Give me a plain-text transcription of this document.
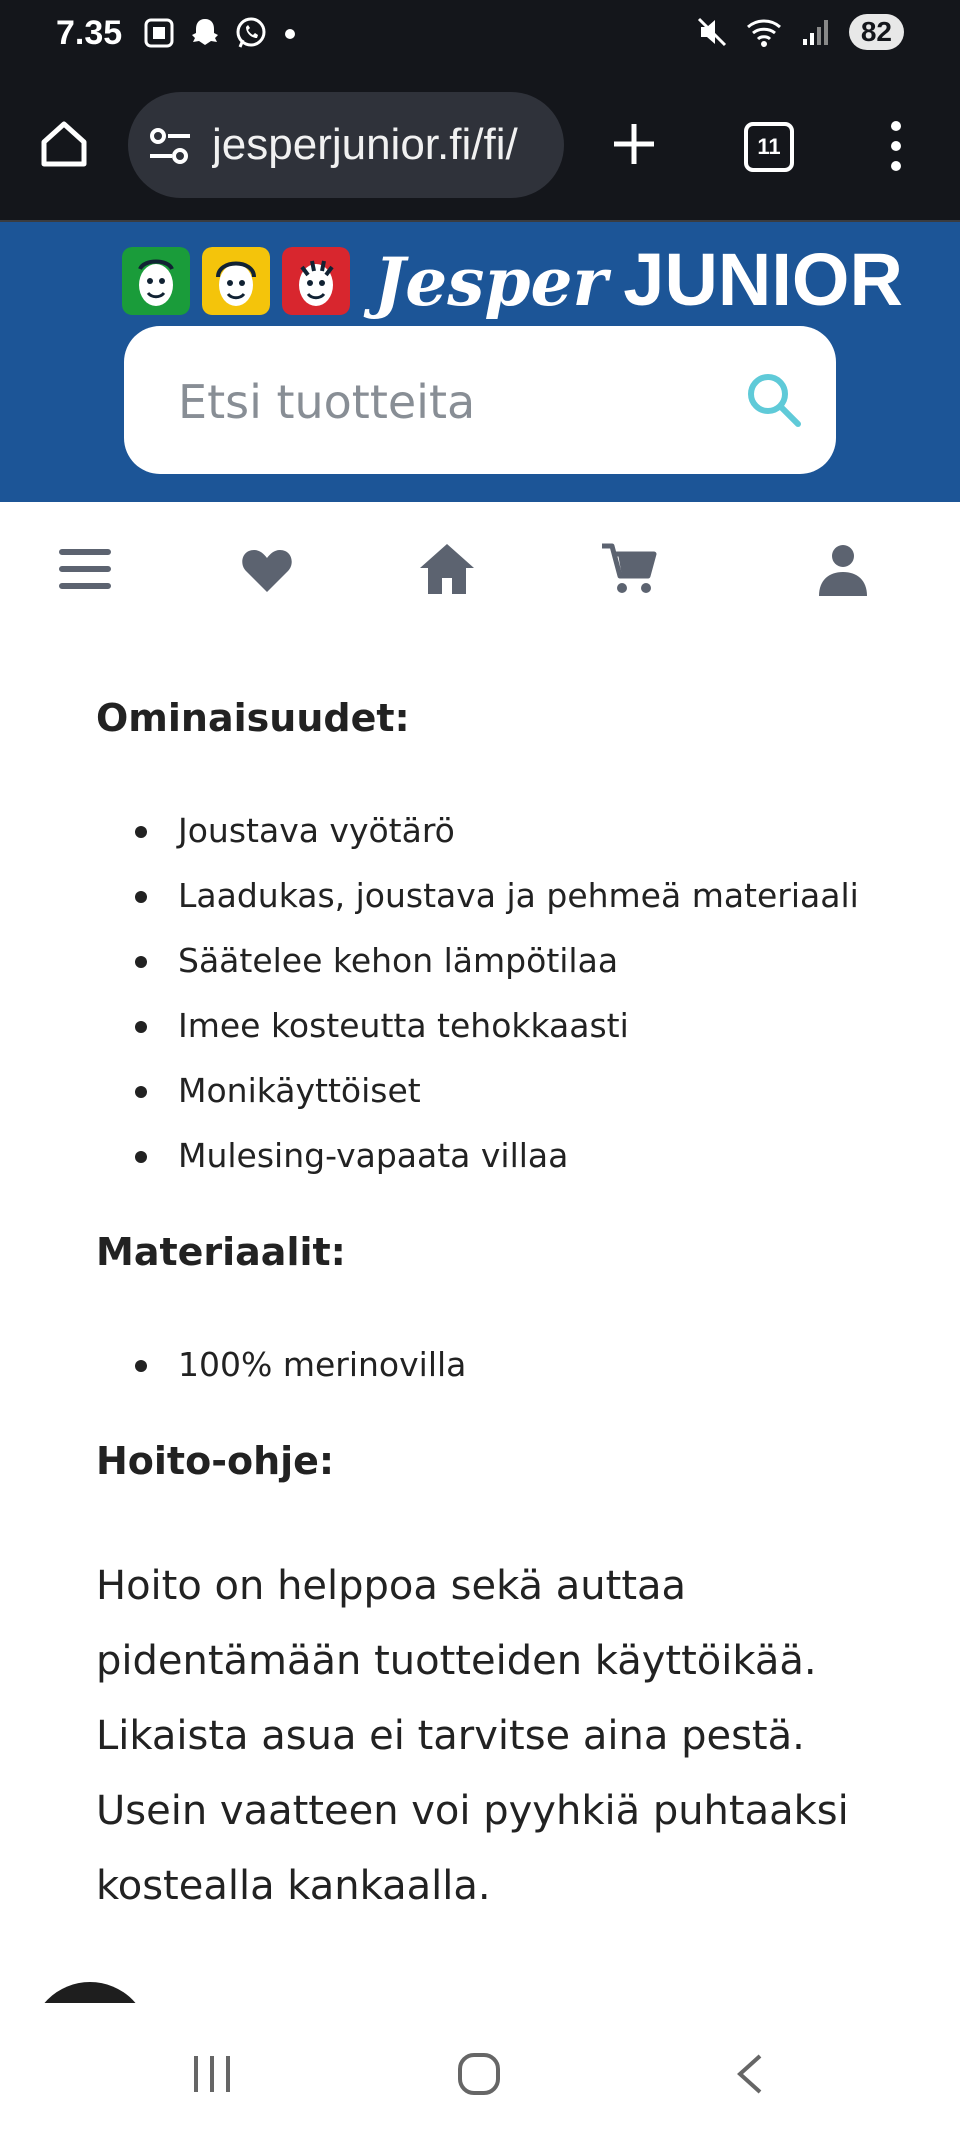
7.35	82
jesperjunior.fi/fi/	11
Jesper JUNIOR
Etsi tuotteita
Ominaisuudet:
Joustava vyötärö
Laadukas, joustava ja pehmeä materiaali
Säätelee kehon lämpötilaa
Imee kosteutta tehokkaasti
Monikäyttöiset
Mulesing-vapaata villaa
Materiaalit:
100% merinovilla
Hoito-ohje:

Hoito on helppoa sekä auttaa

pidentämään tuotteiden käyttöikää.

Likaista asua ei tarvitse aina pestä.

Usein vaatteen voi pyyhkiä puhtaaksi

kostealla kankaalla.
